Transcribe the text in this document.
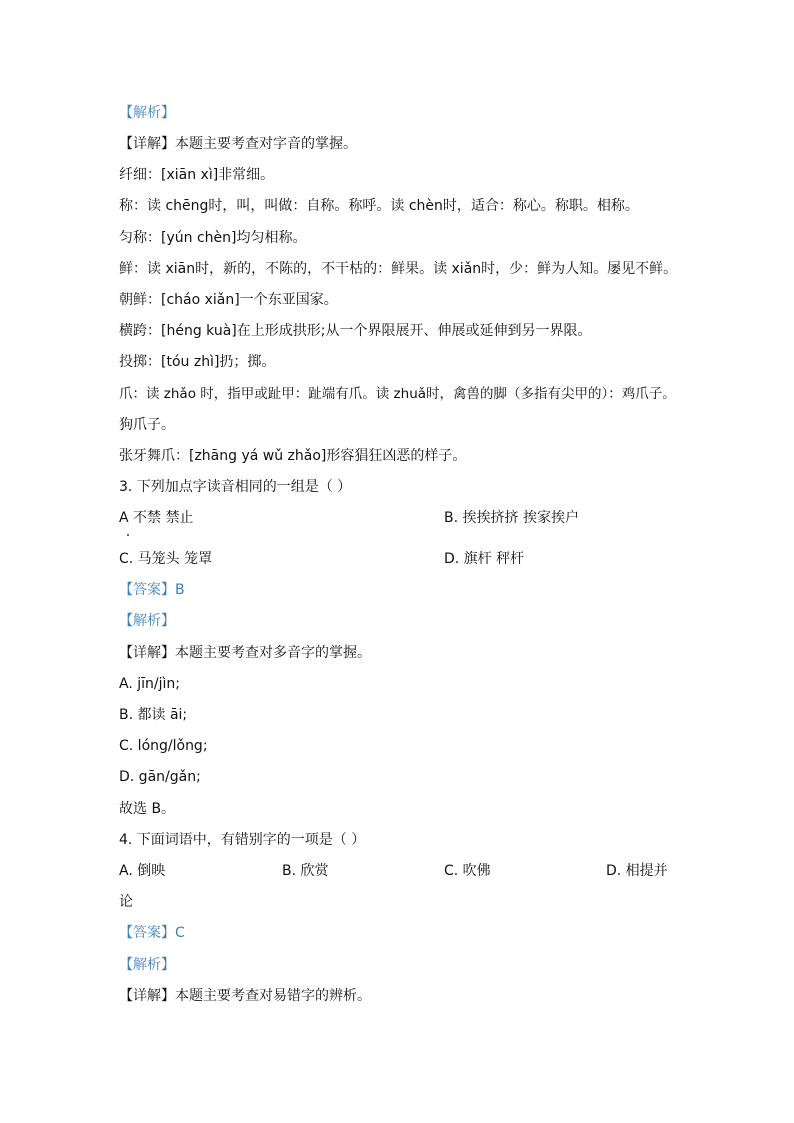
【解析】
【详解】本题主要考查对字音的掌握。
纤细：[xiān xì]非常细。
称：读 chēng时，叫，叫做：自称。称呼。读 chèn时，适合：称心。称职。相称。
匀称：[yún chèn]均匀相称。
鲜：读 xiān时，新的，不陈的，不干枯的：鲜果。读 xiǎn时，少：鲜为人知。屡见不鲜。
朝鲜：[cháo xiǎn]一个东亚国家。
横跨：[héng kuà]在上形成拱形;从一个界限展开、伸展或延伸到另一界限。
投掷：[tóu zhì]扔；掷。
爪：读 zhǎo 时，指甲或趾甲：趾端有爪。读 zhuǎ时，禽兽的脚（多指有尖甲的）：鸡爪子。
狗爪子。
张牙舞爪：[zhāng yá wǔ zhǎo]形容猖狂凶恶的样子。
3. 下列加点字读音相同的一组是（ ）
A 不禁 禁止	B. 挨挨挤挤 挨家挨户
C. 马笼头 笼罩	D. 旗杆 秤杆
【答案】B
【解析】
【详解】本题主要考查对多音字的掌握。
A. jīn/jìn;
B. 都读 āi;
C. lóng/lǒng;
D. gān/gǎn;
故选 B。
4. 下面词语中，有错别字的一项是（ ）
A. 倒映	B. 欣赏	C. 吹佛	D. 相提并
论
【答案】C
【解析】
【详解】本题主要考查对易错字的辨析。
